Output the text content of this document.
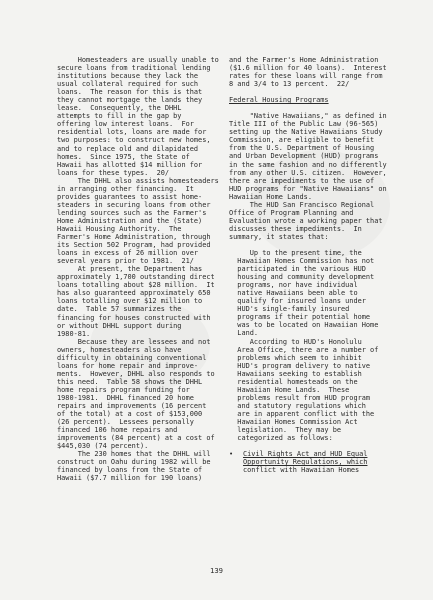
Homesteaders are usually unable to

secure loans from traditional lending

institutions because they lack the

usual collateral required for such

loans.  The reason for this is that

they cannot mortgage the lands they

lease.  Consequently, the DHHL

attempts to fill in the gap by

offering low interest loans.  For

residential lots, loans are made for

two purposes: to construct new homes,

and to replace old and dilapidated

homes.  Since 1975, the State of

Hawaii has allotted $14 million for

loans for these types.  20/

The DHHL also assists homesteaders

in arranging other financing.  It

provides guarantees to assist home-

steaders in securing loans from other

lending sources such as the Farmer's

Home Administration and the (State)

Hawaii Housing Authority.  The

Farmer's Home Administration, through

its Section 502 Program, had provided

loans in excess of 26 million over

several years prior to 1981.  21/

At present, the Department has

approximately 1,700 outstanding direct

loans totalling about $28 million.  It

has also guaranteed approximately 650

loans totalling over $12 million to

date.  Table 57 summarizes the

financing for houses constructed with

or without DHHL support during

1980-81.

Because they are lessees and not

owners, homesteaders also have

difficulty in obtaining conventional

loans for home repair and improve-

ments.  However, DHHL also responds to

this need.  Table 58 shows the DHHL

home repairs program funding for

1980-1981.  DHHL financed 20 home

repairs and improvements (16 percent

of the total) at a cost of $153,000

(26 percent).  Lessees personally

financed 106 home repairs and

improvements (84 percent) at a cost of

$445,030 (74 percent).

The 230 homes that the DHHL will

construct on Oahu during 1982 will be

financed by loans from the State of

Hawaii ($7.7 million for 190 loans)

and the Farmer's Home Administration

($1.6 million for 40 loans).  Interest

rates for these loans will range from

8 and 3/4 to 13 percent.  22/

Federal Housing Programs

"Native Hawaiians," as defined in

Title III of the Public Law (96-565)

setting up the Native Hawaiians Study

Commission, are eligible to benefit

from the U.S. Department of Housing

and Urban Development (HUD) programs

in the same fashion and no differently

from any other U.S. citizen.  However,

there are impediments to the use of

HUD programs for "Native Hawaiians" on

Hawaiian Home Lands.

The HUD San Francisco Regional

Office of Program Planning and

Evaluation wrote a working paper that

discusses these impediments.  In

summary, it states that:

Up to the present time, the

Hawaiian Homes Commission has not

participated in the various HUD

housing and community development

programs, nor have individual

native Hawaiians been able to

qualify for insured loans under

HUD's single-family insured

programs if their potential home

was to be located on Hawaiian Home

Land.

According to HUD's Honolulu

Area Office, there are a number of

problems which seem to inhibit

HUD's program delivery to native

Hawaiians seeking to establish

residential homesteads on the

Hawaiian Home Lands.  These

problems result from HUD program

and statutory regulations which

are in apparent conflict with the

Hawaiian Homes Commission Act

legislation.  They may be

categorized as follows:

•	Civil Rights Act and HUD Equal

Opportunity Regulations, which

conflict with Hawaiian Homes

139
